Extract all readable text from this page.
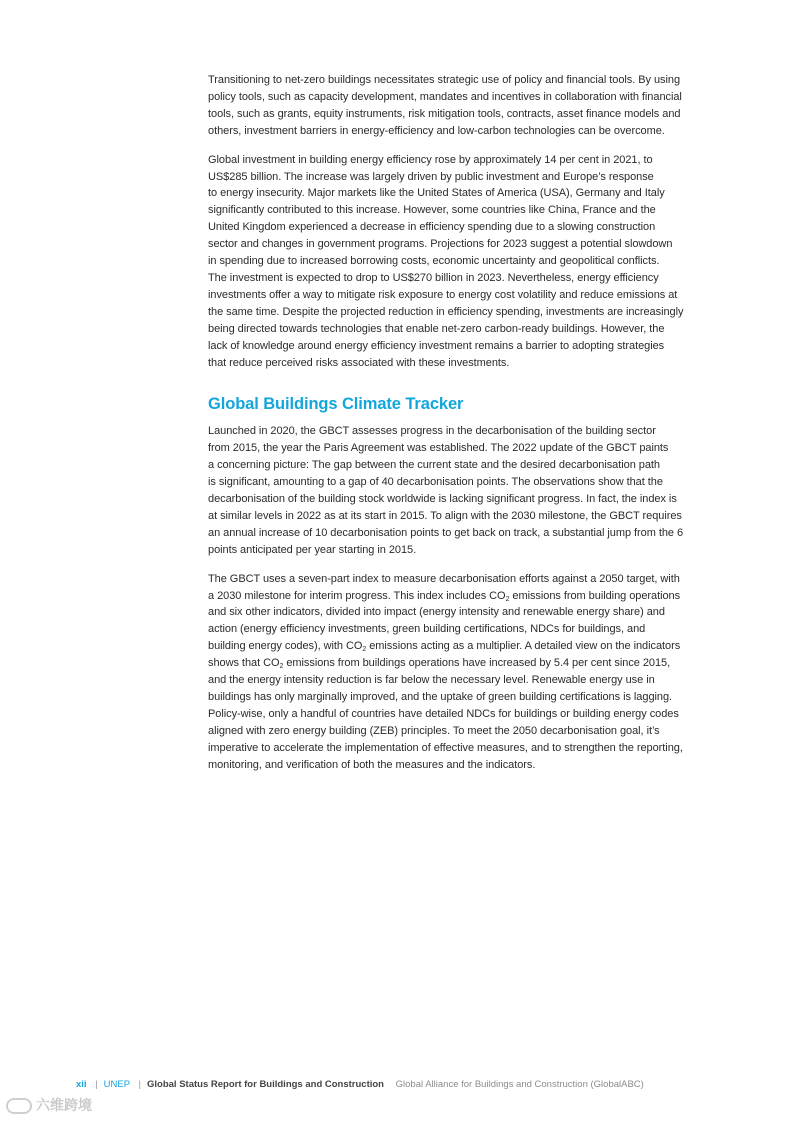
Transitioning to net-zero buildings necessitates strategic use of policy and financial tools. By using
policy tools, such as capacity development, mandates and incentives in collaboration with financial
tools, such as grants, equity instruments, risk mitigation tools, contracts, asset finance models and
others, investment barriers in energy-efficiency and low-carbon technologies can be overcome.

Global investment in building energy efficiency rose by approximately 14 per cent in 2021, to
US$285 billion. The increase was largely driven by public investment and Europe’s response
to energy insecurity. Major markets like the United States of America (USA), Germany and Italy
significantly contributed to this increase. However, some countries like China, France and the
United Kingdom experienced a decrease in efficiency spending due to a slowing construction
sector and changes in government programs. Projections for 2023 suggest a potential slowdown
in spending due to increased borrowing costs, economic uncertainty and geopolitical conflicts.
The investment is expected to drop to US$270 billion in 2023. Nevertheless, energy efficiency
investments offer a way to mitigate risk exposure to energy cost volatility and reduce emissions at
the same time. Despite the projected reduction in efficiency spending, investments are increasingly
being directed towards technologies that enable net-zero carbon-ready buildings. However, the
lack of knowledge around energy efficiency investment remains a barrier to adopting strategies
that reduce perceived risks associated with these investments.

Global Buildings Climate Tracker

Launched in 2020, the GBCT assesses progress in the decarbonisation of the building sector
from 2015, the year the Paris Agreement was established. The 2022 update of the GBCT paints
a concerning picture: The gap between the current state and the desired decarbonisation path
is significant, amounting to a gap of 40 decarbonisation points. The observations show that the
decarbonisation of the building stock worldwide is lacking significant progress. In fact, the index is
at similar levels in 2022 as at its start in 2015. To align with the 2030 milestone, the GBCT requires
an annual increase of 10 decarbonisation points to get back on track, a substantial jump from the 6
points anticipated per year starting in 2015.

The GBCT uses a seven-part index to measure decarbonisation efforts against a 2050 target, with
a 2030 milestone for interim progress. This index includes $CO_2$ emissions from building operations
and six other indicators, divided into impact (energy intensity and renewable energy share) and
action (energy efficiency investments, green building certifications, NDCs for buildings, and
building energy codes), with $CO_2$ emissions acting as a multiplier. A detailed view on the indicators
shows that $CO_2$ emissions from buildings operations have increased by 5.4 per cent since 2015,
and the energy intensity reduction is far below the necessary level. Renewable energy use in
buildings has only marginally improved, and the uptake of green building certifications is lagging.
Policy-wise, only a handful of countries have detailed NDCs for buildings or building energy codes
aligned with zero energy building (ZEB) principles. To meet the 2050 decarbonisation goal, it’s
imperative to accelerate the implementation of effective measures, and to strengthen the reporting,
monitoring, and verification of both the measures and the indicators.

xii | UNEP | Global Status Report for Buildings and Construction Global Alliance for Buildings and Construction (GlobalABC)
六维跨境
